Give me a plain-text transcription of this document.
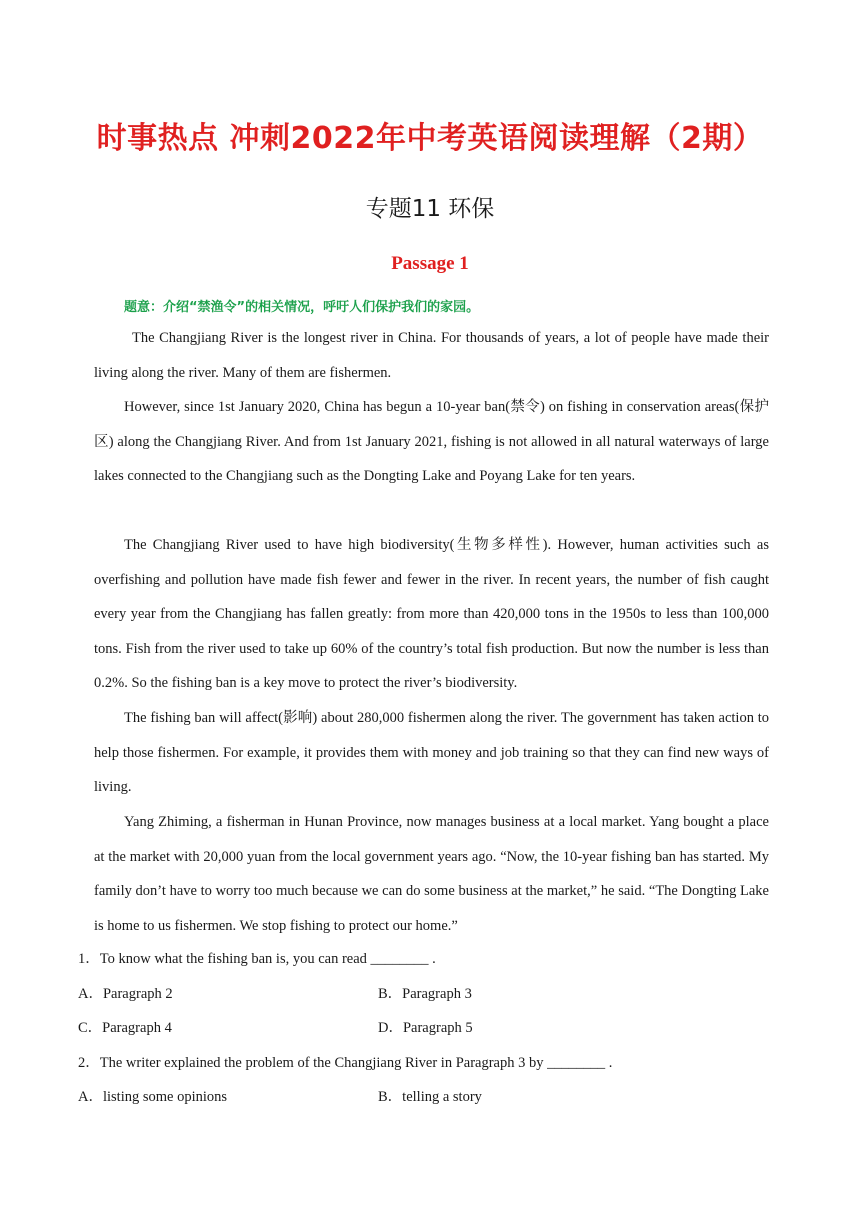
时事热点 冲刺2022年中考英语阅读理解（2期）
专题11 环保
Passage 1
题意：介绍“禁渔令”的相关情况，呼吁人们保护我们的家园。

The Changjiang River is the longest river in China. For thousands of years, a lot of people have made their living along the river. Many of them are fishermen.

However, since 1st January 2020, China has begun a 10-year ban(禁令) on fishing in conservation areas(保护区) along the Changjiang River. And from 1st January 2021, fishing is not allowed in all natural waterways of large lakes connected to the Changjiang such as the Dongting Lake and Poyang Lake for ten years.

The Changjiang River used to have high biodiversity(生物多样性). However, human activities such as overfishing and pollution have made fish fewer and fewer in the river. In recent years, the number of fish caught every year from the Changjiang has fallen greatly: from more than 420,000 tons in the 1950s to less than 100,000 tons. Fish from the river used to take up 60% of the country’s total fish production. But now the number is less than 0.2%. So the fishing ban is a key move to protect the river’s biodiversity.

The fishing ban will affect(影响) about 280,000 fishermen along the river. The government has taken action to help those fishermen. For example, it provides them with money and job training so that they can find new ways of living.

Yang Zhiming, a fisherman in Hunan Province, now manages business at a local market. Yang bought a place at the market with 20,000 yuan from the local government years ago. “Now, the 10-year fishing ban has started. My family don’t have to worry too much because we can do some business at the market,” he said. “The Dongting Lake is home to us fishermen. We stop fishing to protect our home.”

1．To know what the fishing ban is, you can read ________ .
A．Paragraph 2	B．Paragraph 3
C．Paragraph 4	D．Paragraph 5
2．The writer explained the problem of the Changjiang River in Paragraph 3 by ________ .
A．listing some opinions	B．telling a story
